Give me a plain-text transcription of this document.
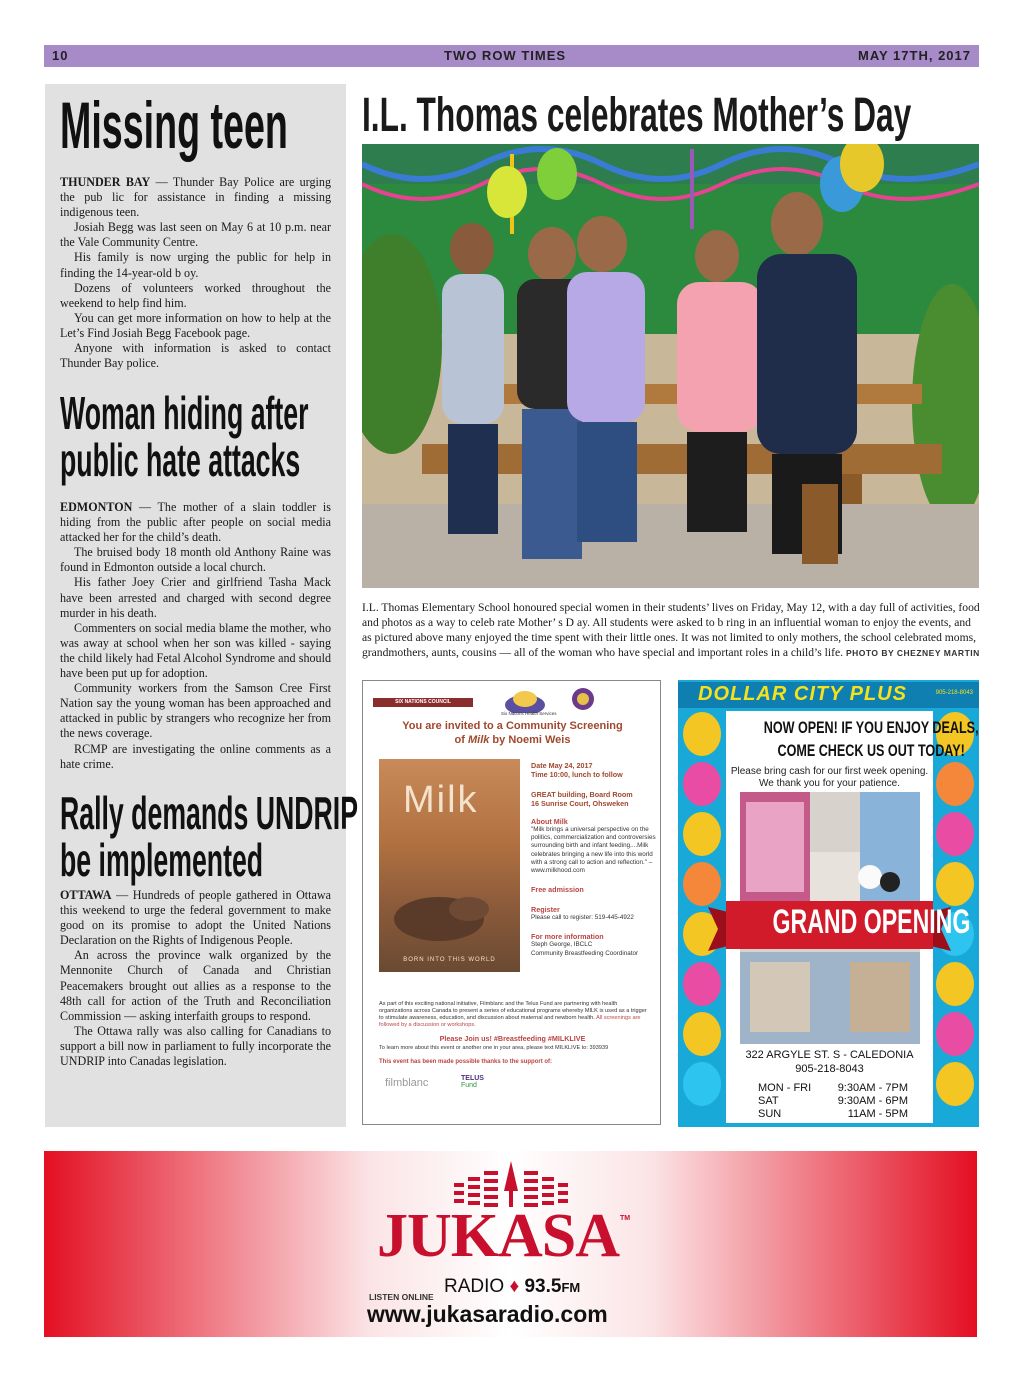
10	TWO ROW TIMES	MAY 17TH, 2017
Missing teen

THUNDER BAY — Thunder Bay Police are urging the pub lic for assistance in finding a missing indigenous teen.

Josiah Begg was last seen on May 6 at 10 p.m. near the Vale Community Centre.

His family is now urging the public for help in finding the 14-year-old b oy.

Dozens of volunteers worked throughout the weekend to help find him.

You can get more information on how to help at the Let’s Find Josiah Begg Facebook page.

Anyone with information is asked to contact Thunder Bay police.

Woman hiding after
public hate attacks

EDMONTON — The mother of a slain toddler is hiding from the public after people on social media attacked her for the child’s death.

The bruised body 18 month old Anthony Raine was found in Edmonton outside a local church.

His father Joey Crier and girlfriend Tasha Mack have been arrested and charged with second degree murder in his death.

Commenters on social media blame the mother, who was away at school when her son was killed - saying the child likely had Fetal Alcohol Syndrome and should have been put up for adoption.

Community workers from the Samson Cree First Nation say the young woman has been approached and attacked in public by strangers who recognize her from the news coverage.

RCMP are investigating the online comments as a hate crime.

Rally demands UNDRIP
be implemented

OTTAWA — Hundreds of people gathered in Ottawa this weekend to urge the federal government to make good on its promise to adopt the United Nations Declaration on the Rights of Indigenous People.

An across the province walk organized by the Mennonite Church of Canada and Christian Peacemakers brought out allies as a response to the 48th call for action of the Truth and Reconciliation Commission — asking interfaith groups to respond.

The Ottawa rally was also calling for Canadians to support a bill now in parliament to fully incorporate the UNDRIP into Canadas legislation.

I.L. Thomas celebrates Mother’s Day
I.L. Thomas Elementary School honoured special women in their students’ lives on Friday, May 12, with a day full of activities, food and photos as a way to celeb rate Mother’ s D ay. All students were asked to b ring in an influential woman to enjoy the events, and as pictured above many enjoyed the time spent with their little ones. It was not limited to only mothers, the school celebrated moms, grandmothers, aunts, cousins — all of the woman who have special and important roles in a child’s life. PHOTO BY CHEZNEY MARTIN
SIX NATIONS COUNCIL
Six Nations Health Services
You are invited to a Community Screening
of Milk by Noemi Weis
Milk
BORN INTO THIS WORLD
Date May 24, 2017
Time 10:00, lunch to follow
GREAT building, Board Room
16 Sunrise Court, Ohsweken
About Milk
"Milk brings a universal perspective on the politics, commercialization and controversies surrounding birth and infant feeding....Milk celebrates bringing a new life into this world with a strong call to action and reflection." – www.milkhood.com
Free admission
Register
Please call to register: 519-445-4922
For more information
Steph George, IBCLC
Community Breastfeeding Coordinator
As part of this exciting national initiative, Filmblanc and the Telus Fund are partnering with health organizations across Canada to present a series of educational programs whereby MILK is used as a trigger to stimulate awareness, education, and discussion about maternal and newborn health. All screenings are followed by a discussion or workshops.
Please Join us! #Breastfeeding #MILKLIVE
To learn more about this event or another one in your area, please text MILKLIVE to: 393939
This event has been made possible thanks to the support of:
filmblanc	TELUS
Fund
DOLLAR CITY PLUS	905-218-8043
NOW OPEN! IF YOU ENJOY DEALS,
COME CHECK US OUT TODAY!
Please bring cash for our first week opening.
We thank you for your patience.
GRAND OPENING
322 ARGYLE ST. S - CALEDONIA
905-218-8043
MON - FRI 9:30AM - 7PM
SAT	9:30AM - 6PM
SUN	11AM - 5PM
JUKASA TM
RADIO ♦ 93.5FM
LISTEN ONLINE
www.jukasaradio.com
